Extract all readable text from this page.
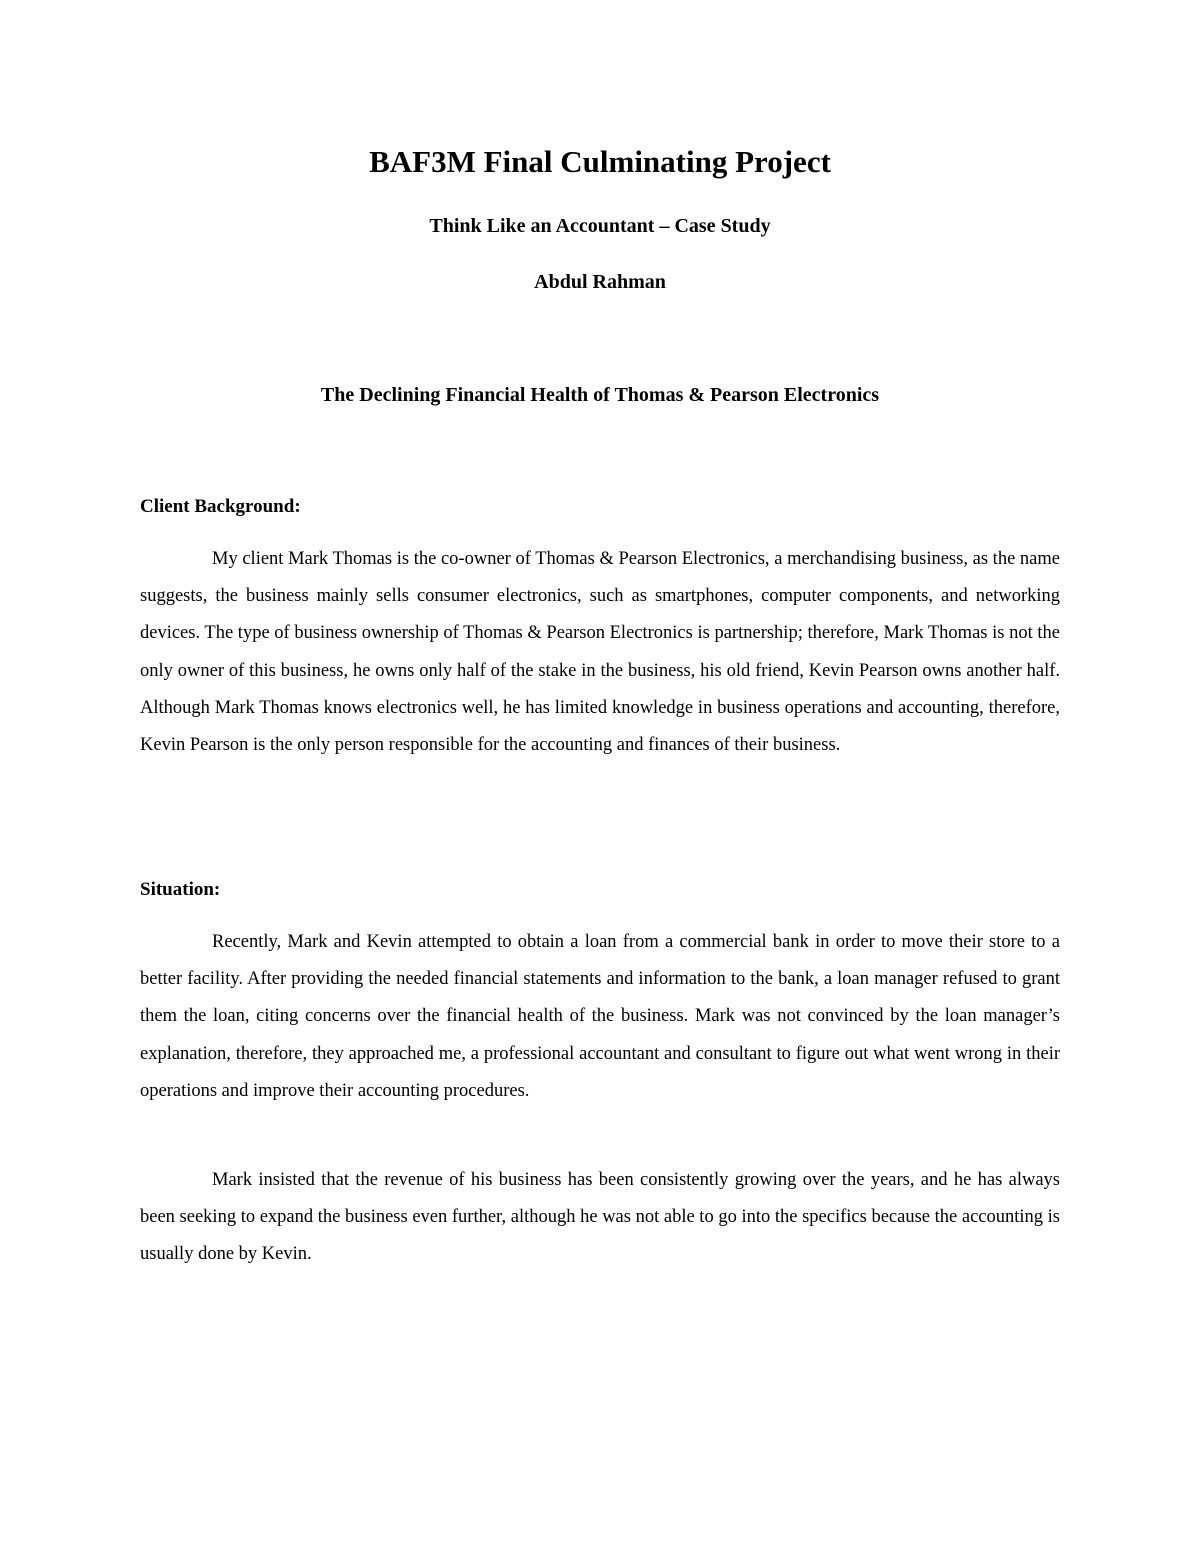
BAF3M Final Culminating Project

Think Like an Accountant – Case Study

Abdul Rahman

The Declining Financial Health of Thomas & Pearson Electronics
Client Background:

My client Mark Thomas is the co-owner of Thomas & Pearson Electronics, a merchandising business, as the name suggests, the business mainly sells consumer electronics, such as smartphones, computer components, and networking devices. The type of business ownership of Thomas & Pearson Electronics is partnership; therefore, Mark Thomas is not the only owner of this business, he owns only half of the stake in the business, his old friend, Kevin Pearson owns another half. Although Mark Thomas knows electronics well, he has limited knowledge in business operations and accounting, therefore, Kevin Pearson is the only person responsible for the accounting and finances of their business.

Situation:

Recently, Mark and Kevin attempted to obtain a loan from a commercial bank in order to move their store to a better facility. After providing the needed financial statements and information to the bank, a loan manager refused to grant them the loan, citing concerns over the financial health of the business. Mark was not convinced by the loan manager’s explanation, therefore, they approached me, a professional accountant and consultant to figure out what went wrong in their operations and improve their accounting procedures.

Mark insisted that the revenue of his business has been consistently growing over the years, and he has always been seeking to expand the business even further, although he was not able to go into the specifics because the accounting is usually done by Kevin.
